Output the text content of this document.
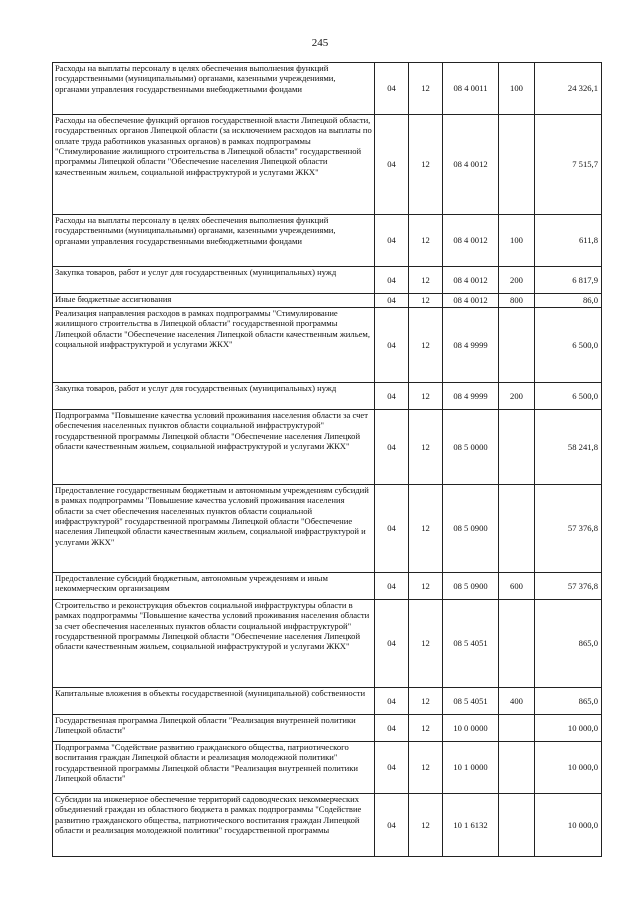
245
Расходы на выплаты персоналу в целях обеспечения выполнения функций государственными (муниципальными) органами, казенными учреждениями, органами управления государственными внебюджетными фондами	04	12	08 4 0011	100	24 326,1
Расходы на обеспечение функций органов государственной власти Липецкой области, государственных органов Липецкой области (за исключением расходов на выплаты по оплате труда работников указанных органов) в рамках подпрограммы "Стимулирование жилищного строительства в Липецкой области" государственной программы Липецкой области "Обеспечение населения Липецкой области качественным жильем, социальной инфраструктурой и услугами ЖКХ"	04	12	08 4 0012		7 515,7
Расходы на выплаты персоналу в целях обеспечения выполнения функций государственными (муниципальными) органами, казенными учреждениями, органами управления государственными внебюджетными фондами	04	12	08 4 0012	100	611,8
Закупка товаров, работ и услуг для государственных (муниципальных) нужд	04	12	08 4 0012	200	6 817,9
Иные бюджетные ассигнования	04	12	08 4 0012	800	86,0
Реализация направления расходов в рамках подпрограммы "Стимулирование жилищного строительства в Липецкой области" государственной программы Липецкой области "Обеспечение населения Липецкой области качественным жильем, социальной инфраструктурой и услугами ЖКХ"	04	12	08 4 9999		6 500,0
Закупка товаров, работ и услуг для государственных (муниципальных) нужд	04	12	08 4 9999	200	6 500,0
Подпрограмма "Повышение качества условий проживания населения области за счет обеспечения населенных пунктов области социальной инфраструктурой" государственной программы Липецкой области "Обеспечение населения Липецкой области качественным жильем, социальной инфраструктурой и услугами ЖКХ"	04	12	08 5 0000		58 241,8
Предоставление государственным бюджетным и автономным учреждениям субсидий в рамках подпрограммы "Повышение качества условий проживания населения области за счет обеспечения населенных пунктов области социальной инфраструктурой" государственной программы Липецкой области "Обеспечение населения Липецкой области качественным жильем, социальной инфраструктурой и услугами ЖКХ"	04	12	08 5 0900		57 376,8
Предоставление субсидий бюджетным, автономным учреждениям и иным некоммерческим организациям	04	12	08 5 0900	600	57 376,8
Строительство и реконструкция объектов социальной инфраструктуры области в рамках подпрограммы "Повышение качества условий проживания населения области за счет обеспечения населенных пунктов области социальной инфраструктурой" государственной программы Липецкой области "Обеспечение населения Липецкой области качественным жильем, социальной инфраструктурой и услугами ЖКХ"	04	12	08 5 4051		865,0
Капитальные вложения в объекты государственной (муниципальной) собственности	04	12	08 5 4051	400	865,0
Государственная программа Липецкой области "Реализация внутренней политики Липецкой области"	04	12	10 0 0000		10 000,0
Подпрограмма "Содействие развитию гражданского общества, патриотического воспитания граждан Липецкой области и реализация молодежной политики" государственной программы Липецкой области "Реализация внутренней политики Липецкой области"	04	12	10 1 0000		10 000,0
Субсидии на инженерное обеспечение территорий садоводческих некоммерческих объединений граждан из областного бюджета в рамках подпрограммы "Содействие развитию гражданского общества, патриотического воспитания граждан Липецкой области и реализация молодежной политики" государственной программы	04	12	10 1 6132		10 000,0
